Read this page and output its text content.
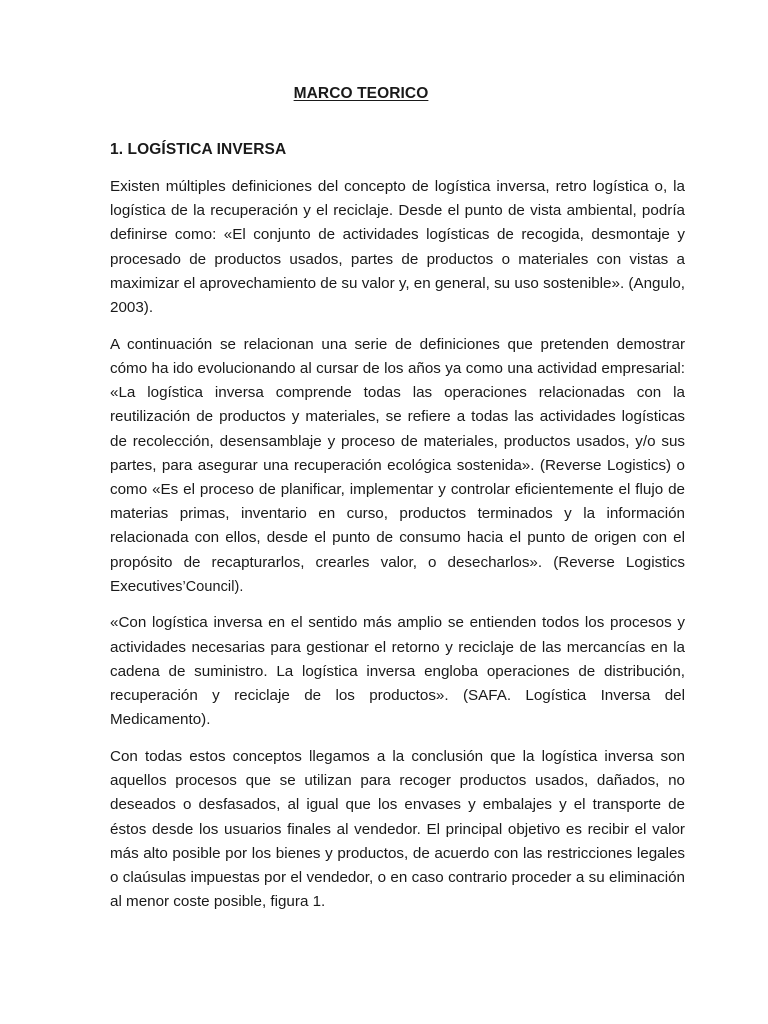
MARCO TEORICO
1. LOGÍSTICA INVERSA

Existen múltiples definiciones del concepto de logística inversa, retro logística o, la logística de la recuperación y el reciclaje. Desde el punto de vista ambiental, podría definirse como: «El conjunto de actividades logísticas de recogida, desmontaje y procesado de productos usados, partes de productos o materiales con vistas a maximizar el aprovechamiento de su valor y, en general, su uso sostenible». (Angulo, 2003).

A continuación se relacionan una serie de definiciones que pretenden demostrar cómo ha ido evolucionando al cursar de los años ya como una actividad empresarial: «La logística inversa comprende todas las operaciones relacionadas con la reutilización de productos y materiales, se refiere a todas las actividades logísticas de recolección, desensamblaje y proceso de materiales, productos usados, y/o sus partes, para asegurar una recuperación ecológica sostenida». (Reverse Logistics) o como «Es el proceso de planificar, implementar y controlar eficientemente el flujo de materias primas, inventario en curso, productos terminados y la información relacionada con ellos, desde el punto de consumo hacia el punto de origen con el propósito de recapturarlos, crearles valor, o desecharlos». (Reverse Logistics Executives’Council).

«Con logística inversa en el sentido más amplio se entienden todos los procesos y actividades necesarias para gestionar el retorno y reciclaje de las mercancías en la cadena de suministro. La logística inversa engloba operaciones de distribución, recuperación y reciclaje de los productos». (SAFA. Logística Inversa del Medicamento).

Con todas estos conceptos llegamos a la conclusión que la logística inversa son aquellos procesos que se utilizan para recoger productos usados, dañados, no deseados o desfasados, al igual que los envases y embalajes y el transporte de éstos desde los usuarios finales al vendedor. El principal objetivo es recibir el valor más alto posible por los bienes y productos, de acuerdo con las restricciones legales o claúsulas impuestas por el vendedor, o en caso contrario proceder a su eliminación al menor coste posible, figura 1.
